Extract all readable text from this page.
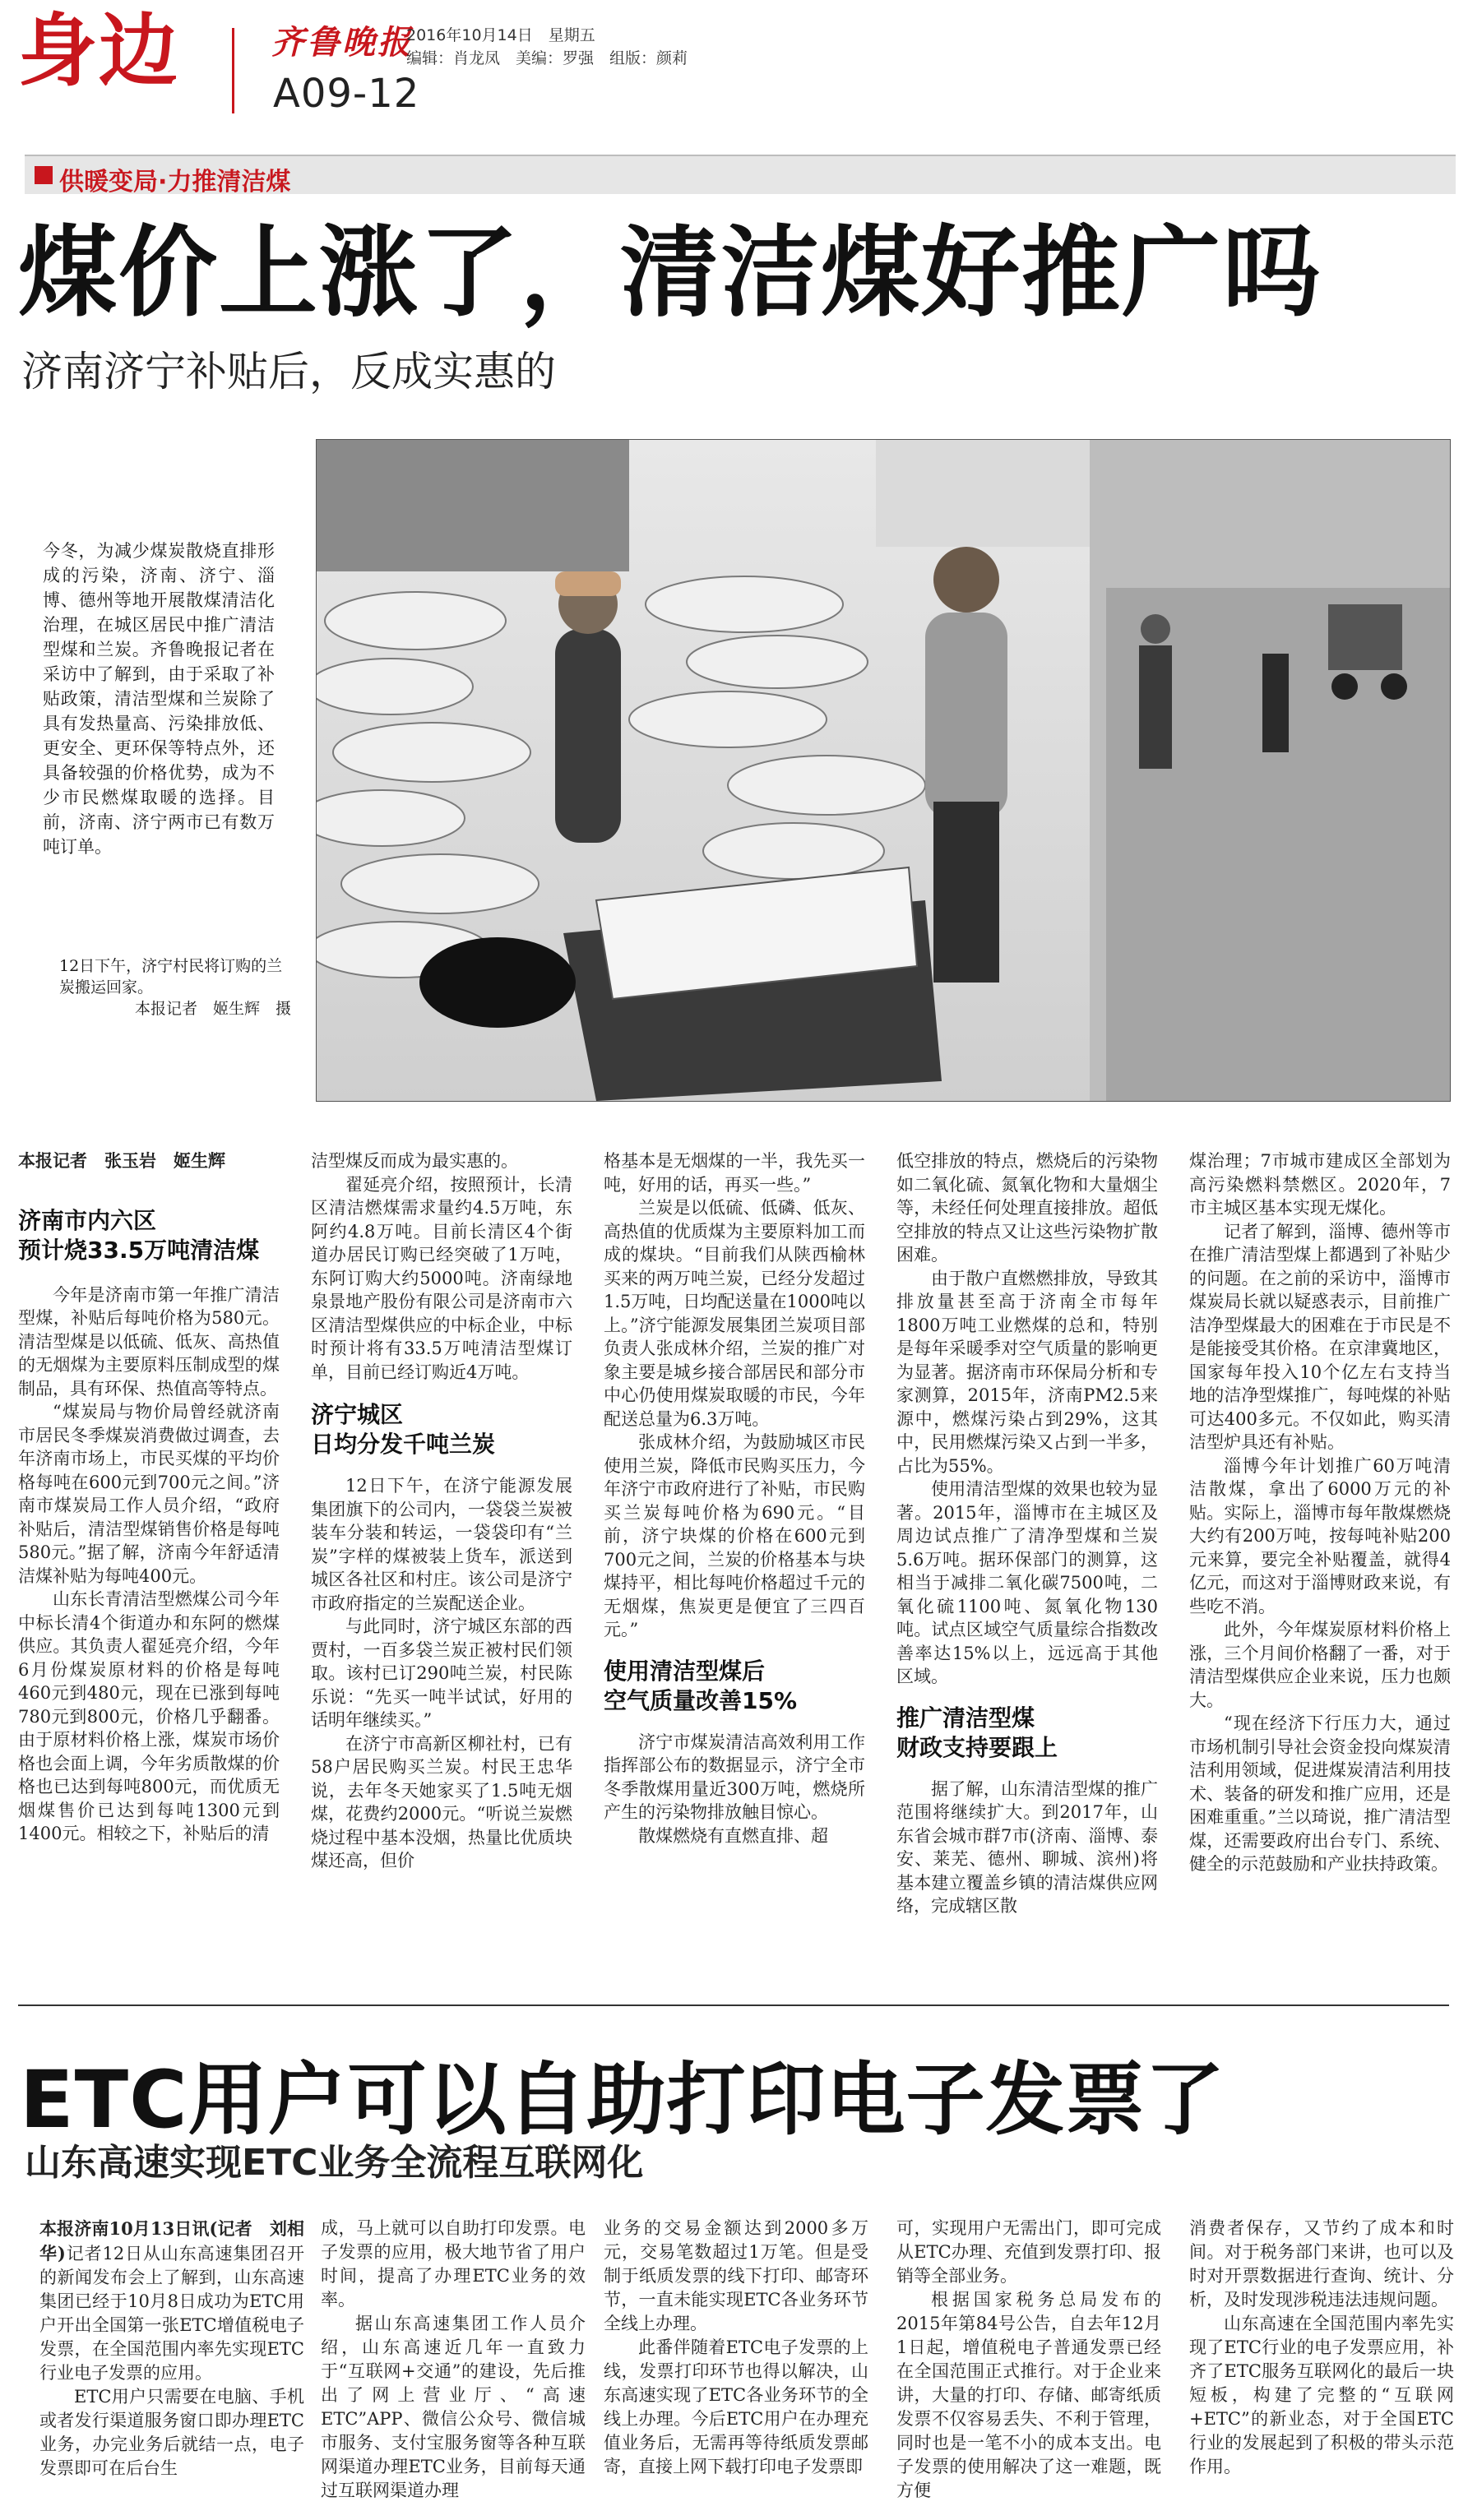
身边	齐鲁晚报
A09-12
2016年10月14日　星期五
编辑：肖龙凤　美编：罗强　组版：颜莉
供暖变局·力推清洁煤
煤价上涨了，清洁煤好推广吗
济南济宁补贴后，反成实惠的
今冬，为减少煤炭散烧直排形成的污染，济南、济宁、淄博、德州等地开展散煤清洁化治理，在城区居民中推广清洁型煤和兰炭。齐鲁晚报记者在采访中了解到，由于采取了补贴政策，清洁型煤和兰炭除了具有发热量高、污染排放低、更安全、更环保等特点外，还具备较强的价格优势，成为不少市民燃煤取暖的选择。目前，济南、济宁两市已有数万吨订单。
12日下午，济宁村民将订购的兰炭搬运回家。
本报记者　姬生辉　摄
本报记者　张玉岩　姬生辉
济南市内六区
预计烧33.5万吨清洁煤

今年是济南市第一年推广清洁型煤，补贴后每吨价格为580元。清洁型煤是以低硫、低灰、高热值的无烟煤为主要原料压制成型的煤制品，具有环保、热值高等特点。

“煤炭局与物价局曾经就济南市居民冬季煤炭消费做过调查，去年济南市场上，市民买煤的平均价格每吨在600元到700元之间。”济南市煤炭局工作人员介绍，“政府补贴后，清洁型煤销售价格是每吨580元。”据了解，济南今年舒适清洁煤补贴为每吨400元。

山东长青清洁型燃煤公司今年中标长清4个街道办和东阿的燃煤供应。其负责人翟延亮介绍，今年6月份煤炭原材料的价格是每吨460元到480元，现在已涨到每吨780元到800元，价格几乎翻番。由于原材料价格上涨，煤炭市场价格也会面上调，今年劣质散煤的价格也已达到每吨800元，而优质无烟煤售价已达到每吨1300元到1400元。相较之下，补贴后的清

洁型煤反而成为最实惠的。

翟延亮介绍，按照预计，长清区清洁燃煤需求量约4.5万吨，东阿约4.8万吨。目前长清区4个街道办居民订购已经突破了1万吨，东阿订购大约5000吨。济南绿地泉景地产股份有限公司是济南市六区清洁型煤供应的中标企业，中标时预计将有33.5万吨清洁型煤订单，目前已经订购近4万吨。

济宁城区
日均分发千吨兰炭

12日下午，在济宁能源发展集团旗下的公司内，一袋袋兰炭被装车分装和转运，一袋袋印有“兰炭”字样的煤被装上货车，派送到城区各社区和村庄。该公司是济宁市政府指定的兰炭配送企业。

与此同时，济宁城区东部的西贾村，一百多袋兰炭正被村民们领取。该村已订290吨兰炭，村民陈乐说：“先买一吨半试试，好用的话明年继续买。”

在济宁市高新区柳社村，已有58户居民购买兰炭。村民王忠华说，去年冬天她家买了1.5吨无烟煤，花费约2000元。“听说兰炭燃烧过程中基本没烟，热量比优质块煤还高，但价

格基本是无烟煤的一半，我先买一吨，好用的话，再买一些。”

兰炭是以低硫、低磷、低灰、高热值的优质煤为主要原料加工而成的煤块。“目前我们从陕西榆林买来的两万吨兰炭，已经分发超过1.5万吨，日均配送量在1000吨以上。”济宁能源发展集团兰炭项目部负责人张成林介绍，兰炭的推广对象主要是城乡接合部居民和部分市中心仍使用煤炭取暖的市民，今年配送总量为6.3万吨。

张成林介绍，为鼓励城区市民使用兰炭，降低市民购买压力，今年济宁市政府进行了补贴，市民购买兰炭每吨价格为690元。“目前，济宁块煤的价格在600元到700元之间，兰炭的价格基本与块煤持平，相比每吨价格超过千元的无烟煤，焦炭更是便宜了三四百元。”

使用清洁型煤后
空气质量改善15%

济宁市煤炭清洁高效利用工作指挥部公布的数据显示，济宁全市冬季散煤用量近300万吨，燃烧所产生的污染物排放触目惊心。

散煤燃烧有直燃直排、超

低空排放的特点，燃烧后的污染物如二氧化硫、氮氧化物和大量烟尘等，未经任何处理直接排放。超低空排放的特点又让这些污染物扩散困难。

由于散户直燃燃排放，导致其排放量甚至高于济南全市每年1800万吨工业燃煤的总和，特别是每年采暖季对空气质量的影响更为显著。据济南市环保局分析和专家测算，2015年，济南PM2.5来源中，燃煤污染占到29%，这其中，民用燃煤污染又占到一半多，占比为55%。

使用清洁型煤的效果也较为显著。2015年，淄博市在主城区及周边试点推广了清净型煤和兰炭5.6万吨。据环保部门的测算，这相当于减排二氧化碳7500吨，二氧化硫1100吨、氮氧化物130吨。试点区域空气质量综合指数改善率达15%以上，远远高于其他区域。

推广清洁型煤
财政支持要跟上

据了解，山东清洁型煤的推广范围将继续扩大。到2017年，山东省会城市群7市(济南、淄博、泰安、莱芜、德州、聊城、滨州)将基本建立覆盖乡镇的清洁煤供应网络，完成辖区散

煤治理；7市城市建成区全部划为高污染燃料禁燃区。2020年，7市主城区基本实现无煤化。

记者了解到，淄博、德州等市在推广清洁型煤上都遇到了补贴少的问题。在之前的采访中，淄博市煤炭局长就以疑惑表示，目前推广洁净型煤最大的困难在于市民是不是能接受其价格。在京津冀地区，国家每年投入10个亿左右支持当地的洁净型煤推广，每吨煤的补贴可达400多元。不仅如此，购买清洁型炉具还有补贴。

淄博今年计划推广60万吨清洁散煤，拿出了6000万元的补贴。实际上，淄博市每年散煤燃烧大约有200万吨，按每吨补贴200元来算，要完全补贴覆盖，就得4亿元，而这对于淄博财政来说，有些吃不消。

此外，今年煤炭原材料价格上涨，三个月间价格翻了一番，对于清洁型煤供应企业来说，压力也颇大。

“现在经济下行压力大，通过市场机制引导社会资金投向煤炭清洁利用领域，促进煤炭清洁利用技术、装备的研发和推广应用，还是困难重重。”兰以琦说，推广清洁型煤，还需要政府出台专门、系统、健全的示范鼓励和产业扶持政策。

ETC用户可以自助打印电子发票了
山东高速实现ETC业务全流程互联网化

本报济南10月13日讯(记者　刘相华)记者12日从山东高速集团召开的新闻发布会上了解到，山东高速集团已经于10月8日成功为ETC用户开出全国第一张ETC增值税电子发票，在全国范围内率先实现ETC行业电子发票的应用。

ETC用户只需要在电脑、手机或者发行渠道服务窗口即办理ETC业务，办完业务后就结一点，电子发票即可在后台生

成，马上就可以自助打印发票。电子发票的应用，极大地节省了用户时间，提高了办理ETC业务的效率。

据山东高速集团工作人员介绍，山东高速近几年一直致力于“互联网+交通”的建设，先后推出了网上营业厅、“高速ETC”APP、微信公众号、微信城市服务、支付宝服务窗等各种互联网渠道办理ETC业务，目前每天通过互联网渠道办理

业务的交易金额达到2000多万元，交易笔数超过1万笔。但是受制于纸质发票的线下打印、邮寄环节，一直未能实现ETC各业务环节全线上办理。

此番伴随着ETC电子发票的上线，发票打印环节也得以解决，山东高速实现了ETC各业务环节的全线上办理。今后ETC用户在办理充值业务后，无需再等待纸质发票邮寄，直接上网下载打印电子发票即

可，实现用户无需出门，即可完成从ETC办理、充值到发票打印、报销等全部业务。

根据国家税务总局发布的2015年第84号公告，自去年12月1日起，增值税电子普通发票已经在全国范围正式推行。对于企业来讲，大量的打印、存储、邮寄纸质发票不仅容易丢失、不利于管理，同时也是一笔不小的成本支出。电子发票的使用解决了这一难题，既方便

消费者保存，又节约了成本和时间。对于税务部门来讲，也可以及时对开票数据进行查询、统计、分析，及时发现涉税违法违规问题。

山东高速在全国范围内率先实现了ETC行业的电子发票应用，补齐了ETC服务互联网化的最后一块短板，构建了完整的“互联网+ETC”的新业态，对于全国ETC行业的发展起到了积极的带头示范作用。
